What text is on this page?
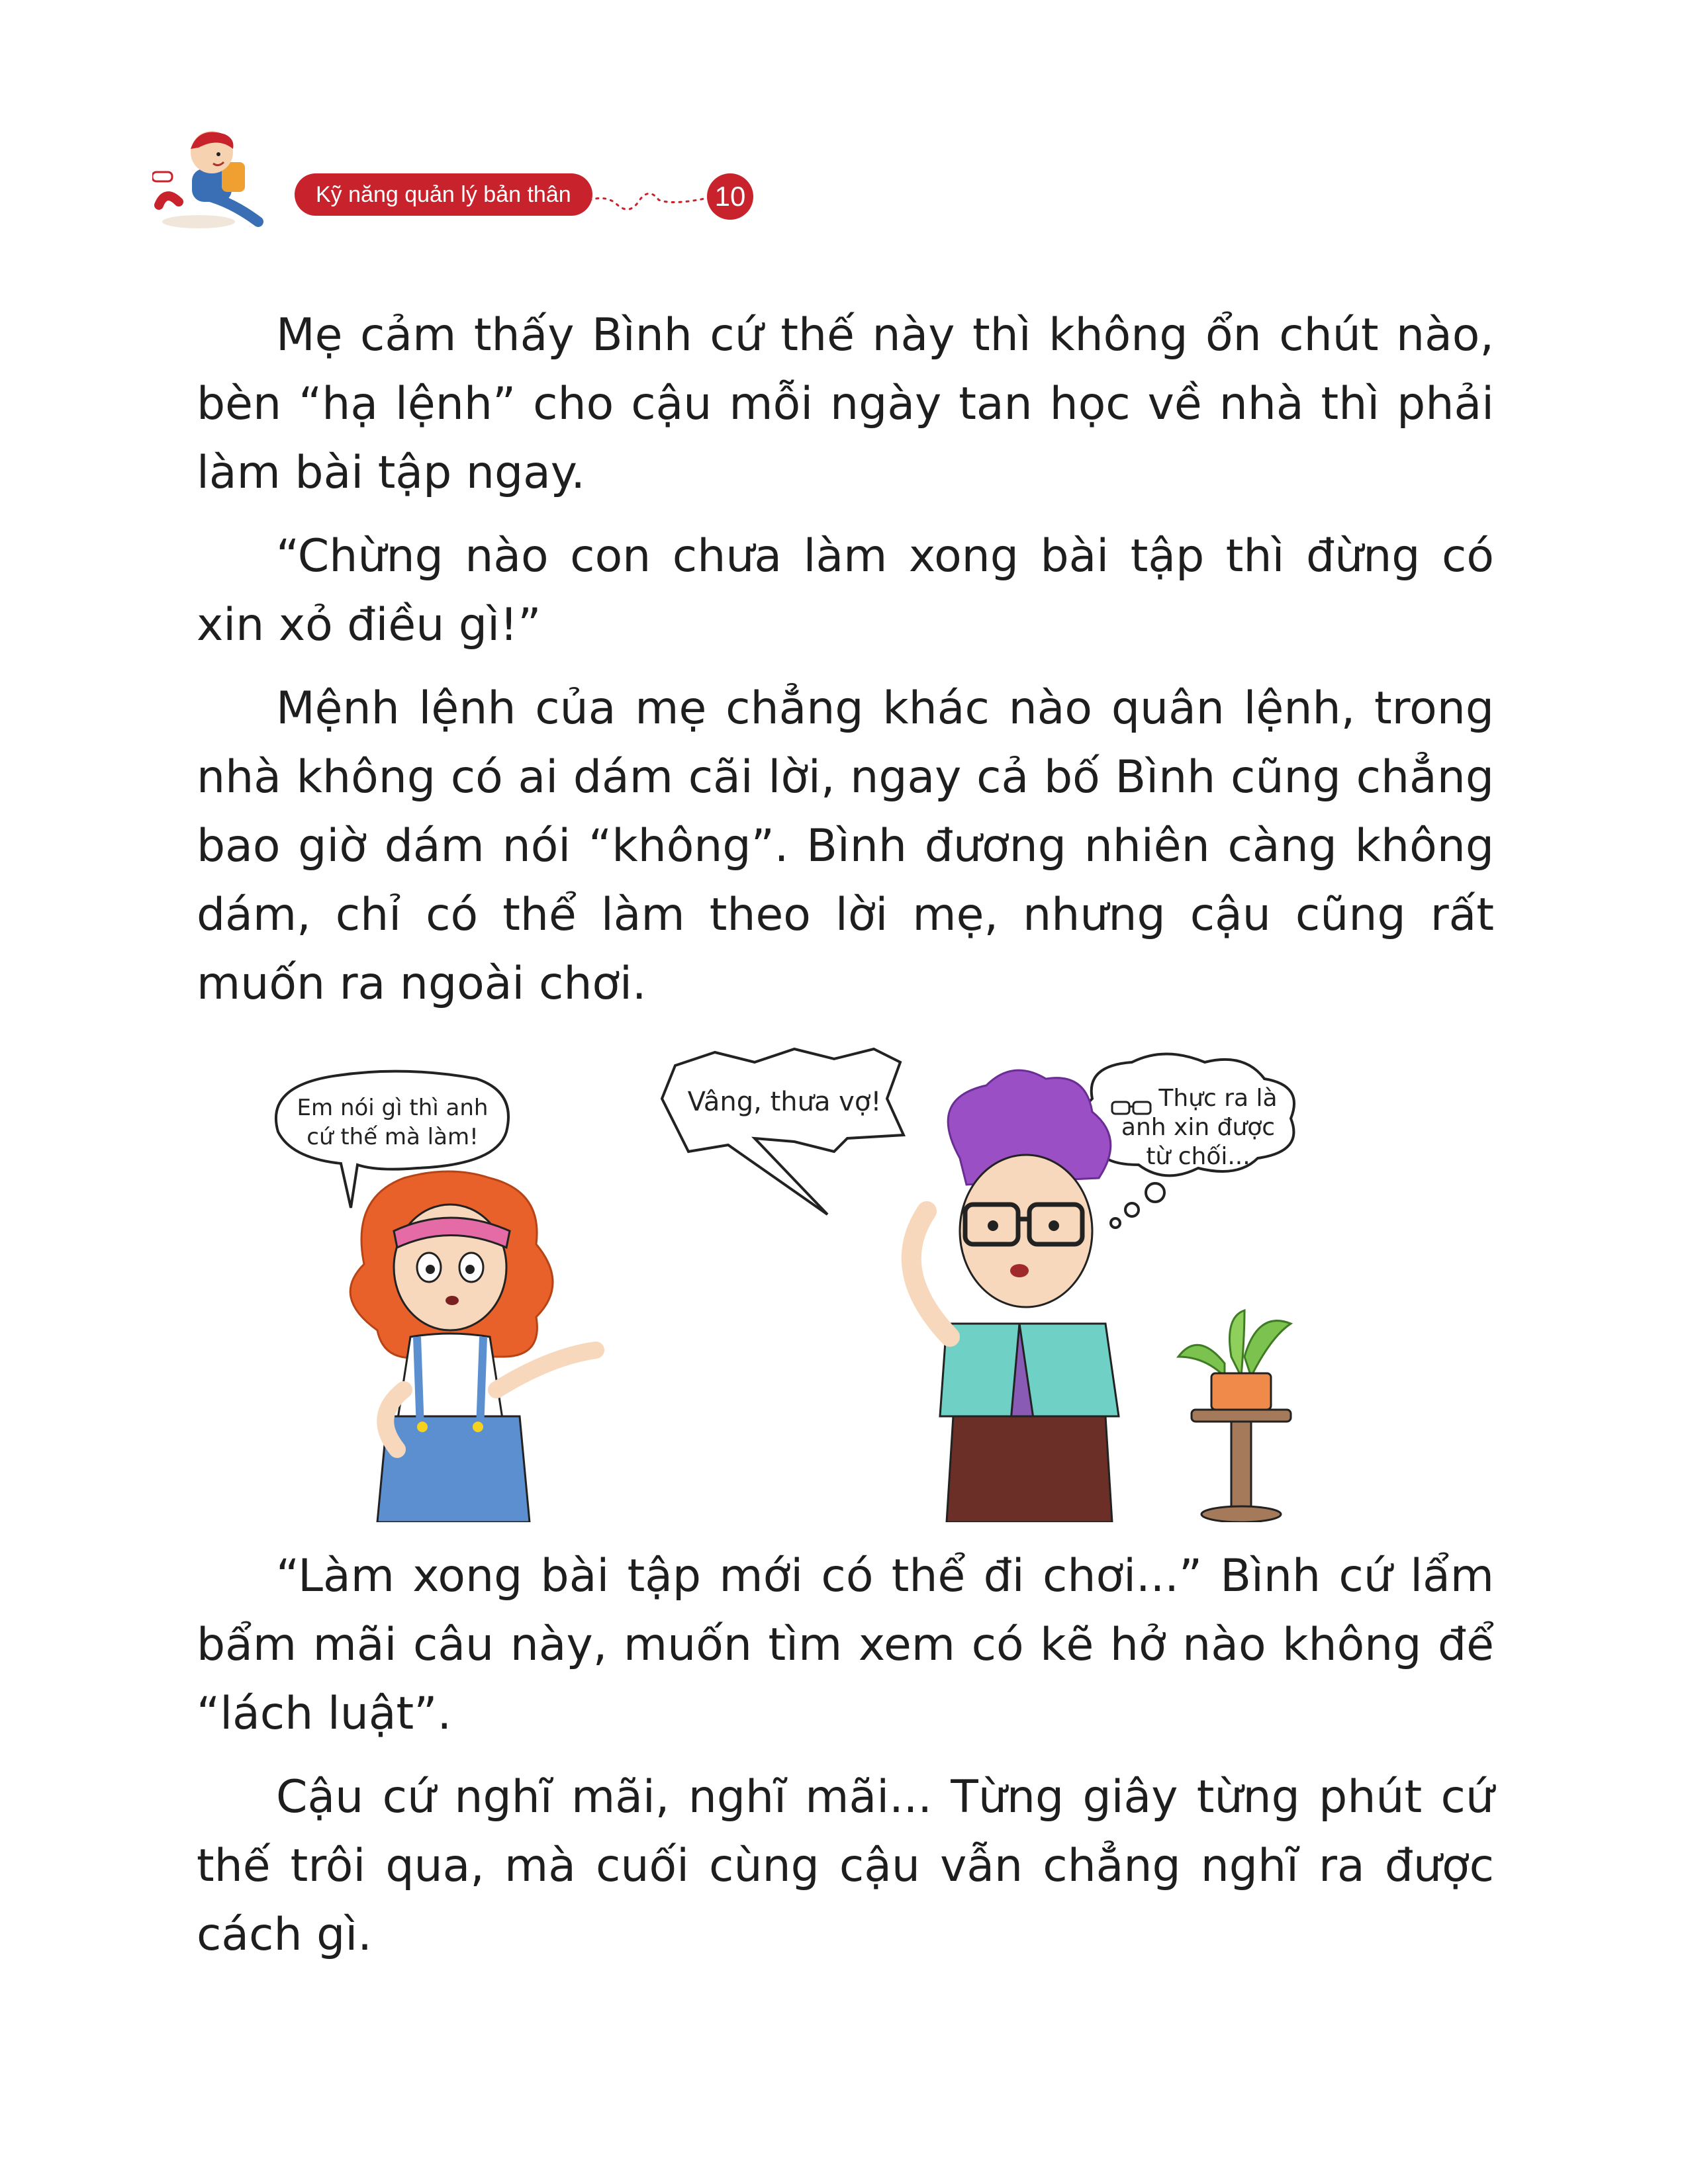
Kỹ năng quản lý bản thân	10

Mẹ cảm thấy Bình cứ thế này thì không ổn chút nào, bèn “hạ lệnh” cho cậu mỗi ngày tan học về nhà thì phải làm bài tập ngay.

“Chừng nào con chưa làm xong bài tập thì đừng có xin xỏ điều gì!”

Mệnh lệnh của mẹ chẳng khác nào quân lệnh, trong nhà không có ai dám cãi lời, ngay cả bố Bình cũng chẳng bao giờ dám nói “không”. Bình đương nhiên càng không dám, chỉ có thể làm theo lời mẹ, nhưng cậu cũng rất muốn ra ngoài chơi.

Em nói gì thì anh
cứ thế mà làm!
Vâng, thưa vợ!	Thực ra là
anh xin được
từ chối...

“Làm xong bài tập mới có thể đi chơi...” Bình cứ lẩm bẩm mãi câu này, muốn tìm xem có kẽ hở nào không để “lách luật”.

Cậu cứ nghĩ mãi, nghĩ mãi... Từng giây từng phút cứ thế trôi qua, mà cuối cùng cậu vẫn chẳng nghĩ ra được cách gì.
